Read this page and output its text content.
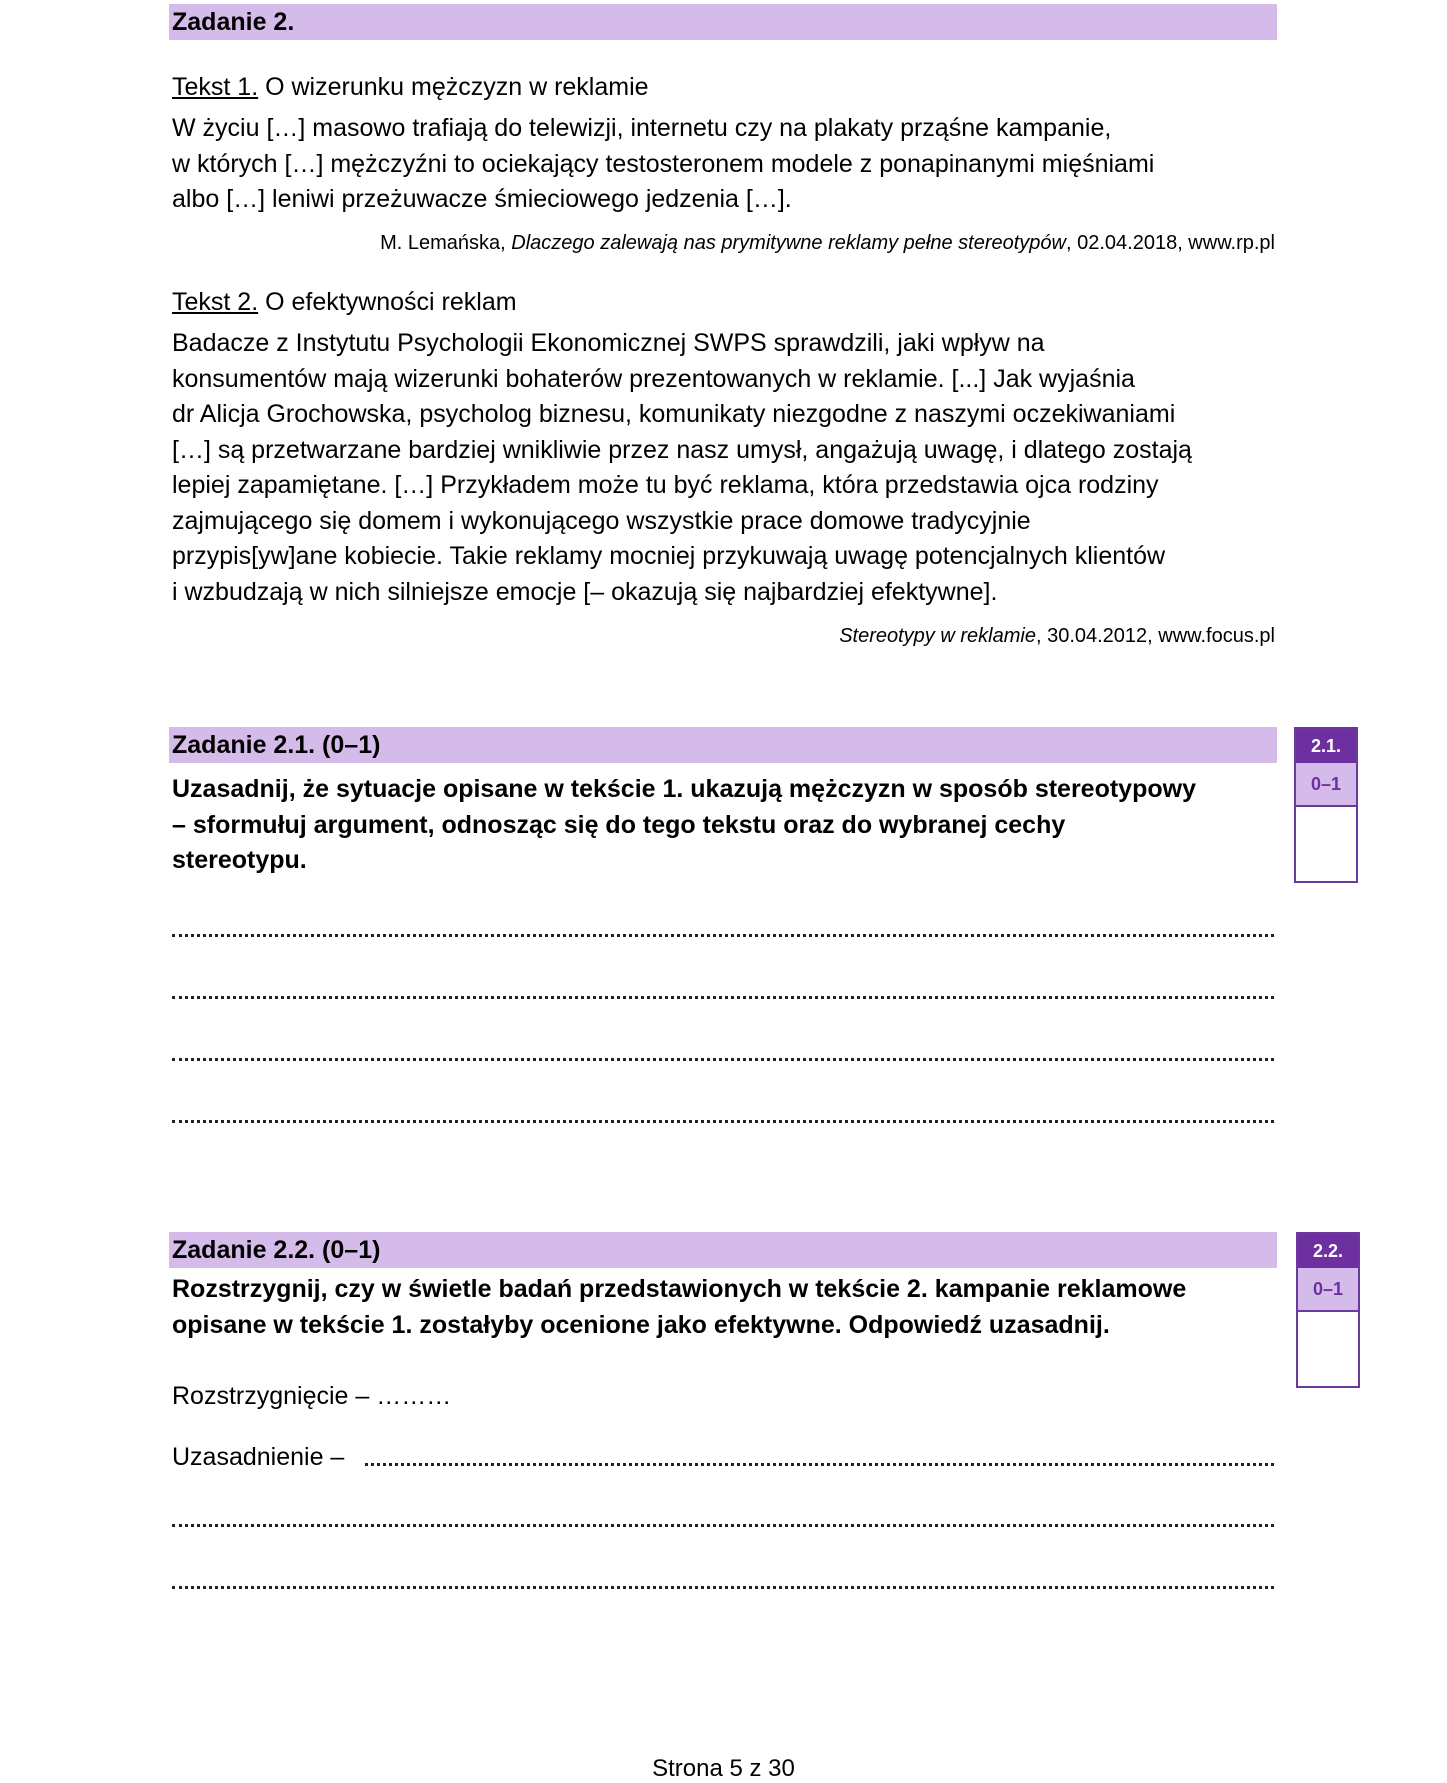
Zadanie 2.
Tekst 1. O wizerunku mężczyzn w reklamie
W życiu […] masowo trafiają do telewizji, internetu czy na plakaty prząśne kampanie,
w których […] mężczyźni to ociekający testosteronem modele z ponapinanymi mięśniami
albo […] leniwi przeżuwacze śmieciowego jedzenia […].
M. Lemańska, Dlaczego zalewają nas prymitywne reklamy pełne stereotypów, 02.04.2018, www.rp.pl
Tekst 2. O efektywności reklam
Badacze z Instytutu Psychologii Ekonomicznej SWPS sprawdzili, jaki wpływ na
konsumentów mają wizerunki bohaterów prezentowanych w reklamie. [...] Jak wyjaśnia
dr Alicja Grochowska, psycholog biznesu, komunikaty niezgodne z naszymi oczekiwaniami
[…] są przetwarzane bardziej wnikliwie przez nasz umysł, angażują uwagę, i dlatego zostają
lepiej zapamiętane. […] Przykładem może tu być reklama, która przedstawia ojca rodziny
zajmującego się domem i wykonującego wszystkie prace domowe tradycyjnie
przypis[yw]ane kobiecie. Takie reklamy mocniej przykuwają uwagę potencjalnych klientów
i wzbudzają w nich silniejsze emocje [– okazują się najbardziej efektywne].
Stereotypy w reklamie, 30.04.2012, www.focus.pl
Zadanie 2.1. (0–1)
Uzasadnij, że sytuacje opisane w tekście 1. ukazują mężczyzn w sposób stereotypowy
– sformułuj argument, odnosząc się do tego tekstu oraz do wybranej cechy
stereotypu.
2.1.
0–1
Zadanie 2.2. (0–1)
Rozstrzygnij, czy w świetle badań przedstawionych w tekście 2. kampanie reklamowe
opisane w tekście 1. zostałyby ocenione jako efektywne. Odpowiedź uzasadnij.
Rozstrzygnięcie – ………
Uzasadnienie –
2.2.
0–1
Strona 5 z 30
